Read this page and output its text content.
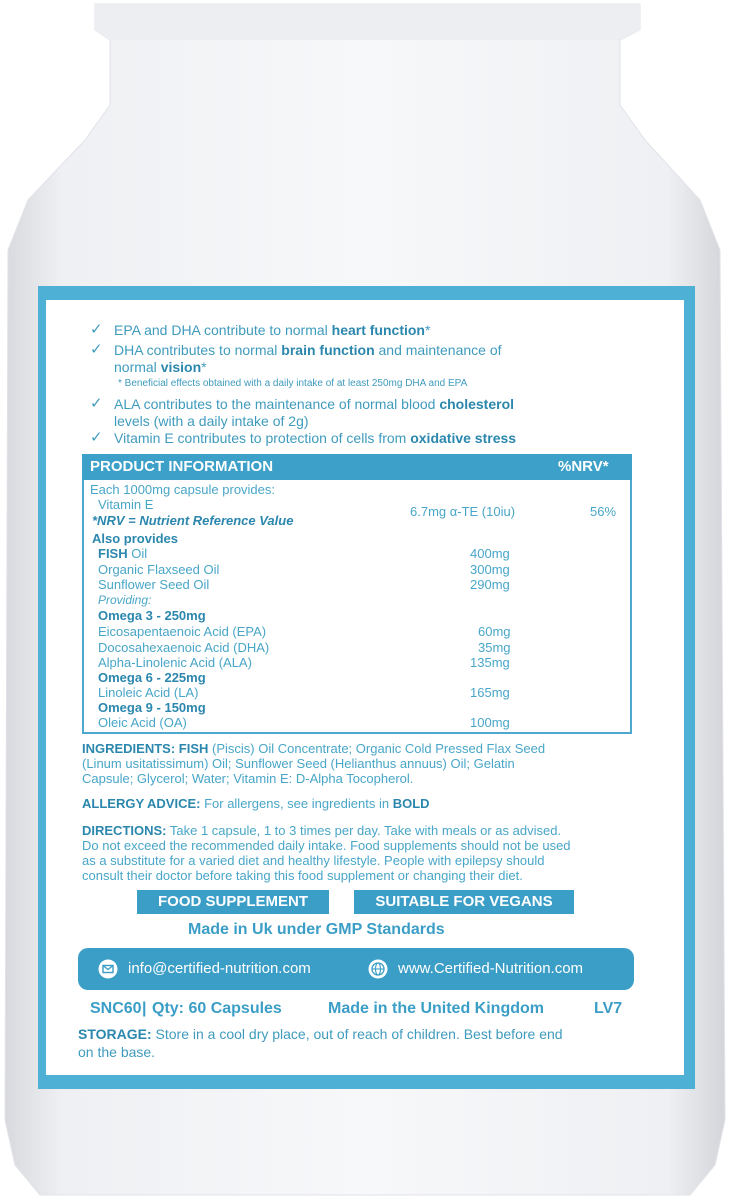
✓ EPA and DHA contribute to normal heart function*
✓ DHA contributes to normal brain function and maintenance of
normal vision*
* Beneficial effects obtained with a daily intake of at least 250mg DHA and EPA
✓ ALA contributes to the maintenance of normal blood cholesterol
levels (with a daily intake of 2g)
✓ Vitamin E contributes to protection of cells from oxidative stress
PRODUCT INFORMATION	%NRV*
Each 1000mg capsule provides:
Vitamin E	6.7mg α-TE (10iu)	56%
*NRV = Nutrient Reference Value
Also provides
FISH Oil	400mg
Organic Flaxseed Oil	300mg
Sunflower Seed Oil	290mg
Providing:
Omega 3 - 250mg
Eicosapentaenoic Acid (EPA)	60mg
Docosahexaenoic Acid (DHA)	35mg
Alpha-Linolenic Acid (ALA)	135mg
Omega 6 - 225mg
Linoleic Acid (LA)	165mg
Omega 9 - 150mg
Oleic Acid (OA)	100mg
INGREDIENTS: FISH (Piscis) Oil Concentrate; Organic Cold Pressed Flax Seed
(Linum usitatissimum) Oil; Sunflower Seed (Helianthus annuus) Oil; Gelatin
Capsule; Glycerol; Water; Vitamin E: D-Alpha Tocopherol.
ALLERGY ADVICE: For allergens, see ingredients in BOLD
DIRECTIONS: Take 1 capsule, 1 to 3 times per day. Take with meals or as advised.
Do not exceed the recommended daily intake. Food supplements should not be used
as a substitute for a varied diet and healthy lifestyle. People with epilepsy should
consult their doctor before taking this food supplement or changing their diet.
FOOD SUPPLEMENT	SUITABLE FOR VEGANS
Made in Uk under GMP Standards
info@certified-nutrition.com	www.Certified-Nutrition.com
SNC60 | Qty: 60 Capsules	Made in the United Kingdom	LV7
STORAGE: Store in a cool dry place, out of reach of children. Best before end
on the base.
